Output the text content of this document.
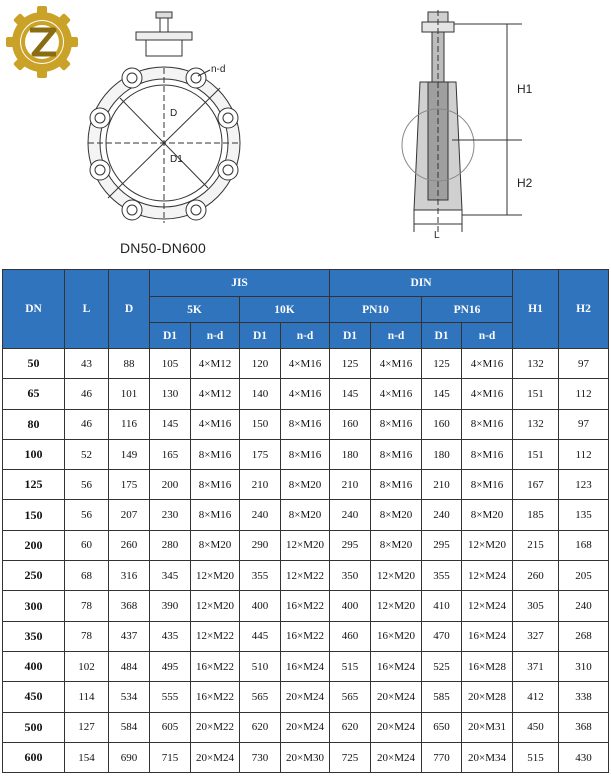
n-d
D
D1
DN50-DN600
H1
H2
L
DN	L	D	JIS				DIN				H1	H2
			5K		10K		PN10		PN16			
			D1	n-d	D1	n-d	D1	n-d	D1	n-d		
50	43	88	105	4×M12	120	4×M16	125	4×M16	125	4×M16	132	97
65	46	101	130	4×M12	140	4×M16	145	4×M16	145	4×M16	151	112
80	46	116	145	4×M16	150	8×M16	160	8×M16	160	8×M16	132	97
100	52	149	165	8×M16	175	8×M16	180	8×M16	180	8×M16	151	112
125	56	175	200	8×M16	210	8×M20	210	8×M16	210	8×M16	167	123
150	56	207	230	8×M16	240	8×M20	240	8×M20	240	8×M20	185	135
200	60	260	280	8×M20	290	12×M20	295	8×M20	295	12×M20	215	168
250	68	316	345	12×M20	355	12×M22	350	12×M20	355	12×M24	260	205
300	78	368	390	12×M20	400	16×M22	400	12×M20	410	12×M24	305	240
350	78	437	435	12×M22	445	16×M22	460	16×M20	470	16×M24	327	268
400	102	484	495	16×M22	510	16×M24	515	16×M24	525	16×M28	371	310
450	114	534	555	16×M22	565	20×M24	565	20×M24	585	20×M28	412	338
500	127	584	605	20×M22	620	20×M24	620	20×M24	650	20×M31	450	368
600	154	690	715	20×M24	730	20×M30	725	20×M24	770	20×M34	515	430
